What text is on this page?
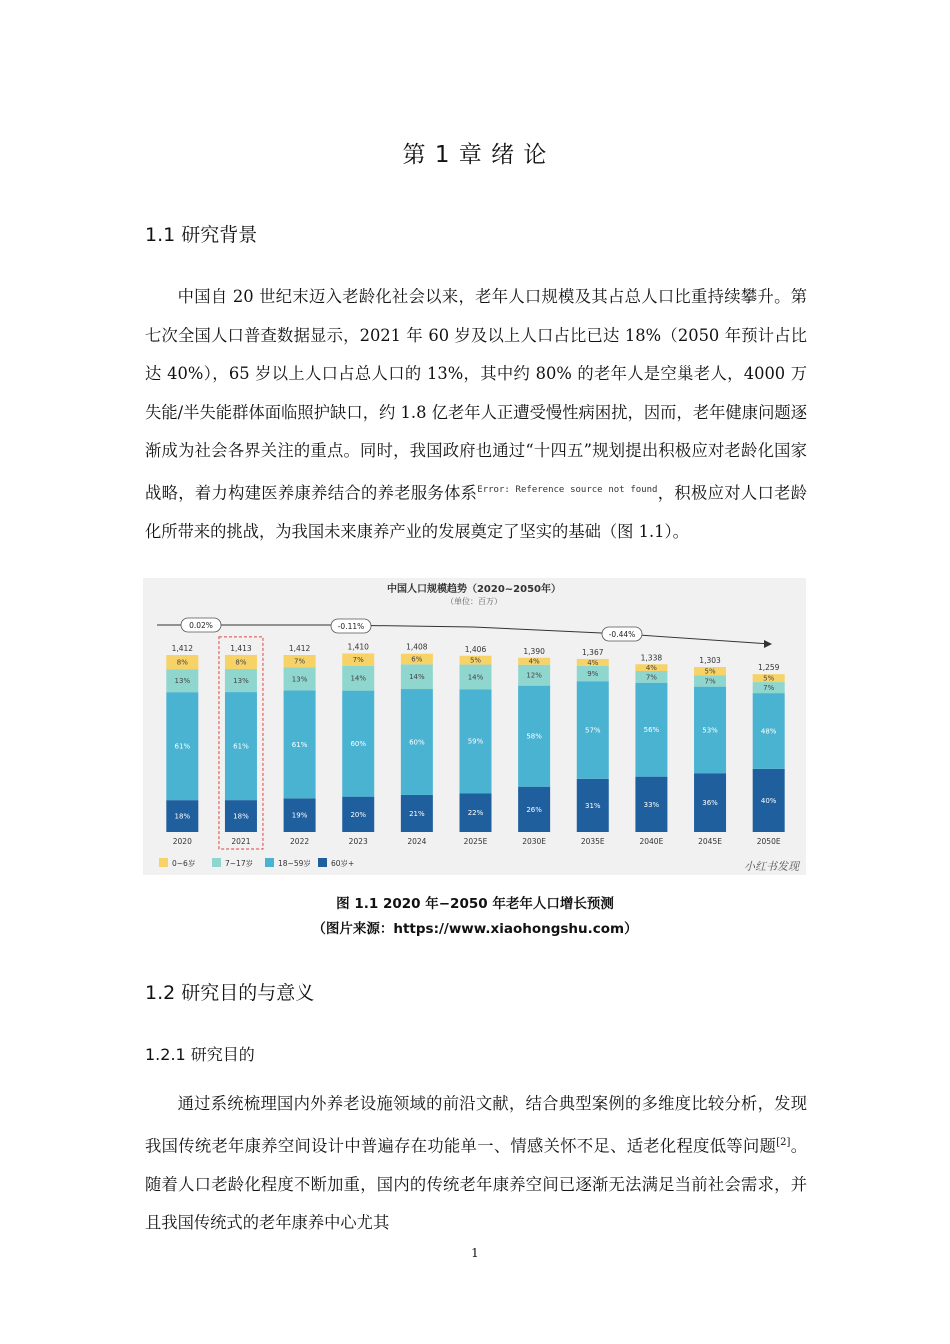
第 1 章 绪 论
1.1 研究背景

中国自 20 世纪末迈入老龄化社会以来，老年人口规模及其占总人口比重持续攀升。第七次全国人口普查数据显示，2021 年 60 岁及以上人口占比已达 18%（2050 年预计占比达 40%），65 岁以上人口占总人口的 13%，其中约 80% 的老年人是空巢老人，4000 万失能/半失能群体面临照护缺口，约 1.8 亿老年人正遭受慢性病困扰，因而，老年健康问题逐渐成为社会各界关注的重点。同时，我国政府也通过“十四五”规划提出积极应对老龄化国家战略，着力构建医养康养结合的养老服务体系$^{Error: Reference source not found}$，积极应对人口老龄化所带来的挑战，为我国未来康养产业的发展奠定了坚实的基础（图 1.1）。

中国人口规模趋势（2020~2050年）
（单位：百万）
0.02%	-0.11%
-0.44%
18%
61%
13%
8%
1,412
2020
18%
61%
13%
8%
1,413
2021
19%
61%
13%
7%
1,412
2022
20%
60%
14%
7%
1,410
2023
21%
60%
14%
6%
1,408
2024
22%
59%
14%
5%
1,406
2025E
26%
58%
12%
4%
1,390
2030E
31%
57%
9%
4%
1,367
2035E
33%
56%
7%
4%
1,338
2040E
36%
53%
7%
5%
1,303
2045E
40%
48%
7%
5%
1,259
2050E
0~6岁	7~17岁	18~59岁	60岁+	小红书发现
图 1.1 2020 年−2050 年老年人口增长预测
（图片来源：https://www.xiaohongshu.com）
1.2 研究目的与意义
1.2.1 研究目的

通过系统梳理国内外养老设施领域的前沿文献，结合典型案例的多维度比较分析，发现我国传统老年康养空间设计中普遍存在功能单一、情感关怀不足、适老化程度低等问题[2]。随着人口老龄化程度不断加重，国内的传统老年康养空间已逐渐无法满足当前社会需求，并且我国传统式的老年康养中心尤其

1
